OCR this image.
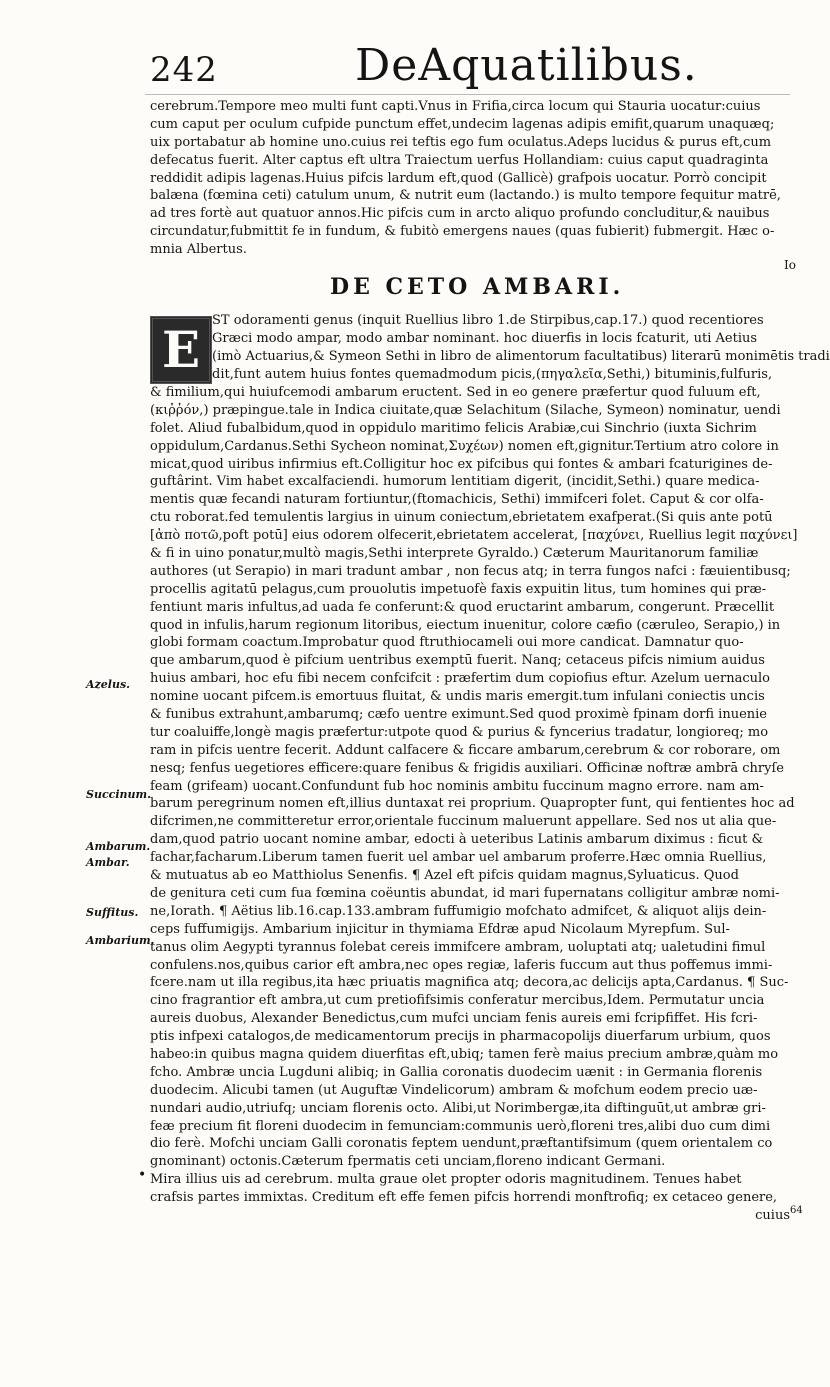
242	DeAquatilibus.
cerebrum.Tempore meo multi funt capti.Vnus in Frifia,circa locum qui Stauria uocatur:cuius
cum caput per oculum cufpide punctum effet,undecim lagenas adipis emifit,quarum unaquæq;
uix portabatur ab homine uno.cuius rei teftis ego fum oculatus.Adeps lucidus & purus eft,cum
defecatus fuerit. Alter captus eft ultra Traiectum uerfus Hollandiam: cuius caput quadraginta
reddidit adipis lagenas.Huius pifcis lardum eft,quod (Gallicè) grafpois uocatur. Porrò concipit
balæna (fœmina ceti) catulum unum, & nutrit eum (lactando.) is multo tempore fequitur matrē,
ad tres fortè aut quatuor annos.Hic pifcis cum in arcto aliquo profundo concluditur,& nauibus
circundatur,fubmittit fe in fundum, & fubitò emergens naues (quas fubierit) fubmergit. Hæc o-
mnia Albertus.
Io
DE CETO AMBARI.
E ST odoramenti genus (inquit Ruellius libro 1.de Stirpibus,cap.17.) quod recentiores
Græci modo ampar, modo ambar nominant. hoc diuerfis in locis fcaturit, uti Aetius
(imò Actuarius,& Symeon Sethi in libro de alimentorum facultatibus) literarū monimētis tradi
dit,funt autem huius fontes quemadmodum picis,(πηγαλεῖα,Sethi,) bituminis,fulfuris,
& fimilium,qui huiufcemodi ambarum eructent. Sed in eo genere præfertur quod fuluum eft,
(κιῤῥόν,) præpingue.tale in Indica ciuitate,quæ Selachitum (Silache, Symeon) nominatur, uendi
folet. Aliud fubalbidum,quod in oppidulo maritimo felicis Arabiæ,cui Sinchrio (iuxta Sichrim
oppidulum,Cardanus.Sethi Sycheon nominat,Συχέων) nomen eft,gignitur.Tertium atro colore in
micat,quod uiribus infirmius eft.Colligitur hoc ex pifcibus qui fontes & ambari fcaturigines de-
guftârint. Vim habet excalfaciendi. humorum lentitiam digerit, (incidit,Sethi.) quare medica-
mentis quæ fecandi naturam fortiuntur,(ftomachicis, Sethi) immifceri folet. Caput & cor olfa-
ctu roborat.fed temulentis largius in uinum coniectum,ebrietatem exafperat.(Si quis ante potū
[ἀπὸ ποτῶ,poft potū] eius odorem olfecerit,ebrietatem accelerat, [παχύνει, Ruellius legit παχύνει]
& fi in uino ponatur,multò magis,Sethi interprete Gyraldo.) Cæterum Mauritanorum familiæ
authores (ut Serapio) in mari tradunt ambar , non fecus atq; in terra fungos nafci : fæuientibusq;
procellis agitatū pelagus,cum prouolutis impetuofè faxis expuitin litus, tum homines qui præ-
fentiunt maris infultus,ad uada fe conferunt:& quod eructarint ambarum, congerunt. Præcellit
quod in infulis,harum regionum litoribus, eiectum inuenitur, colore cæfio (cæruleo, Serapio,) in
globi formam coactum.Improbatur quod ftruthiocameli oui more candicat. Damnatur quo-
que ambarum,quod è pifcium uentribus exemptū fuerit. Nanq; cetaceus pifcis nimium auidus
huius ambari, hoc efu fibi necem confcifcit : præfertim dum copiofius eftur. Azelum uernaculo
nomine uocant pifcem.is emortuus fluitat, & undis maris emergit.tum infulani coniectis uncis
& funibus extrahunt,ambarumq; cæfo uentre eximunt.Sed quod proximè fpinam dorfi inuenie
tur coaluiffe,longè magis præfertur:utpote quod & purius & fyncerius tradatur, longioreq; mo
ram in pifcis uentre fecerit. Addunt calfacere & ficcare ambarum,cerebrum & cor roborare, om
nesq; fenfus uegetiores efficere:quare fenibus & frigidis auxiliari. Officinæ noftræ ambrā chryſe
feam (grifeam) uocant.Confundunt fub hoc nominis ambitu fuccinum magno errore. nam am-
barum peregrinum nomen eft,illius duntaxat rei proprium. Quapropter funt, qui fentientes hoc ad
difcrimen,ne committeretur error,orientale fuccinum maluerunt appellare. Sed nos ut alia que-
dam,quod patrio uocant nomine ambar, edocti à ueteribus Latinis ambarum diximus : ficut &
fachar,facharum.Liberum tamen fuerit uel ambar uel ambarum proferre.Hæc omnia Ruellius,
& mutuatus ab eo Matthiolus Senenfis. ¶ Azel eft pifcis quidam magnus,Syluaticus. Quod
de genitura ceti cum fua fœmina coëuntis abundat, id mari fupernatans colligitur ambræ nomi-
ne,Iorath. ¶ Aëtius lib.16.cap.133.ambram fuffumigio mofchato admifcet, & aliquot alijs dein-
ceps fuffumigijs. Ambarium injicitur in thymiama Efdræ apud Nicolaum Myrepfum. Sul-
tanus olim Aegypti tyrannus folebat cereis immifcere ambram, uoluptati atq; ualetudini fimul
confulens.nos,quibus carior eft ambra,nec opes regiæ, laferis fuccum aut thus poffemus immi-
fcere.nam ut illa regibus,ita hæc priuatis magnifica atq; decora,ac delicijs apta,Cardanus. ¶ Suc-
cino fragrantior eft ambra,ut cum pretiofifsimis conferatur mercibus,Idem. Permutatur uncia
aureis duobus, Alexander Benedictus,cum mufci unciam fenis aureis emi fcripfiffet. His fcri-
ptis infpexi catalogos,de medicamentorum precijs in pharmacopolijs diuerfarum urbium, quos
habeo:in quibus magna quidem diuerfitas eft,ubiq; tamen ferè maius precium ambræ,quàm mo
fcho. Ambræ uncia Lugduni alibiq; in Gallia coronatis duodecim uænit : in Germania florenis
duodecim. Alicubi tamen (ut Auguftæ Vindelicorum) ambram & mofchum eodem precio uæ-
nundari audio,utriufq; unciam florenis octo. Alibi,ut Norimbergæ,ita diftinguūt,ut ambræ gri-
feæ precium fit floreni duodecim in femunciam:communis uerò,floreni tres,alibi duo cum dimi
dio ferè. Mofchi unciam Galli coronatis feptem uendunt,præftantifsimum (quem orientalem co
gnominant) octonis.Cæterum fpermatis ceti unciam,floreno indicant Germani.
Mira illius uis ad cerebrum. multa graue olet propter odoris magnitudinem. Tenues habet
crafsis partes immixtas. Creditum eft effe femen pifcis horrendi monftrofiq; ex cetaceo genere,
cuius
Azelus.
Succinum.
Ambarum.
Ambar.
Suffitus.
Ambarium.
•
64
